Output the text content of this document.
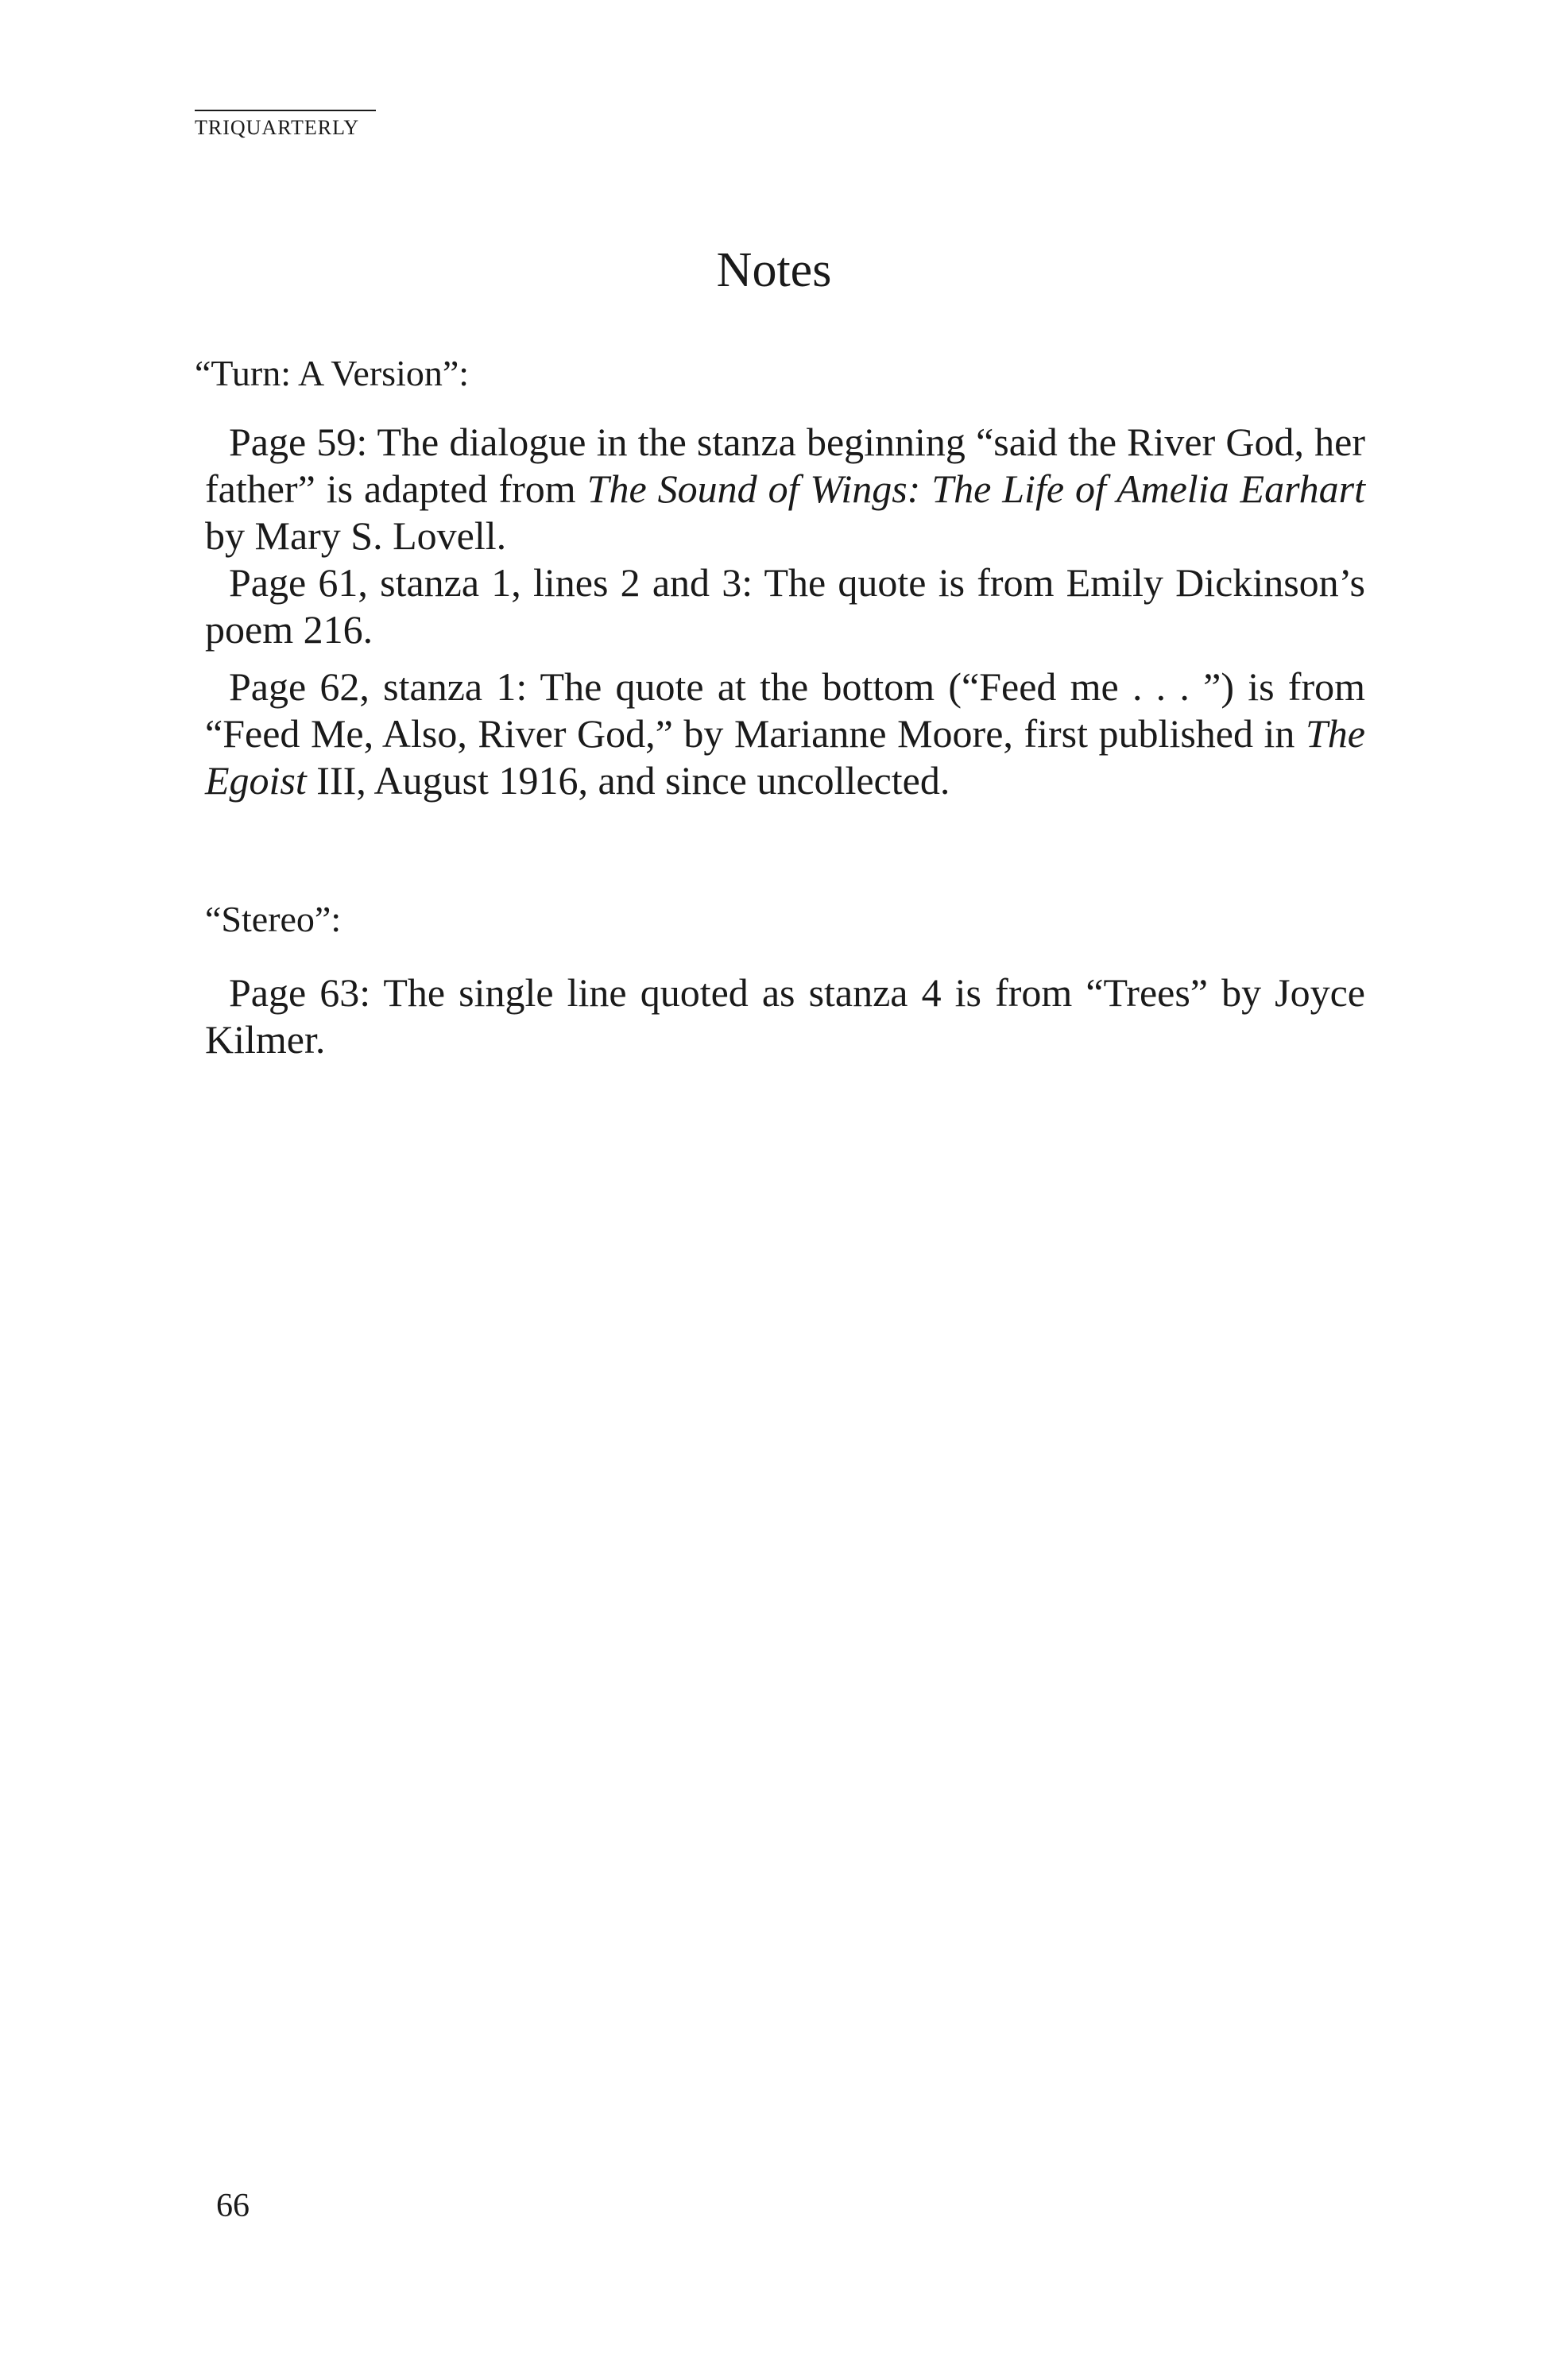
TRIQUARTERLY
Notes
“Turn: A Version”:

Page 59: The dialogue in the stanza beginning “said the River God, her father” is adapted from The Sound of Wings: The Life of Amelia Earhart by Mary S. Lovell.

Page 61, stanza 1, lines 2 and 3: The quote is from Emily Dickinson’s poem 216.

Page 62, stanza 1: The quote at the bottom (“Feed me . . . ”) is from “Feed Me, Also, River God,” by Marianne Moore, first published in The Egoist III, August 1916, and since uncollected.

“Stereo”:

Page 63: The single line quoted as stanza 4 is from “Trees” by Joyce Kilmer.

66
